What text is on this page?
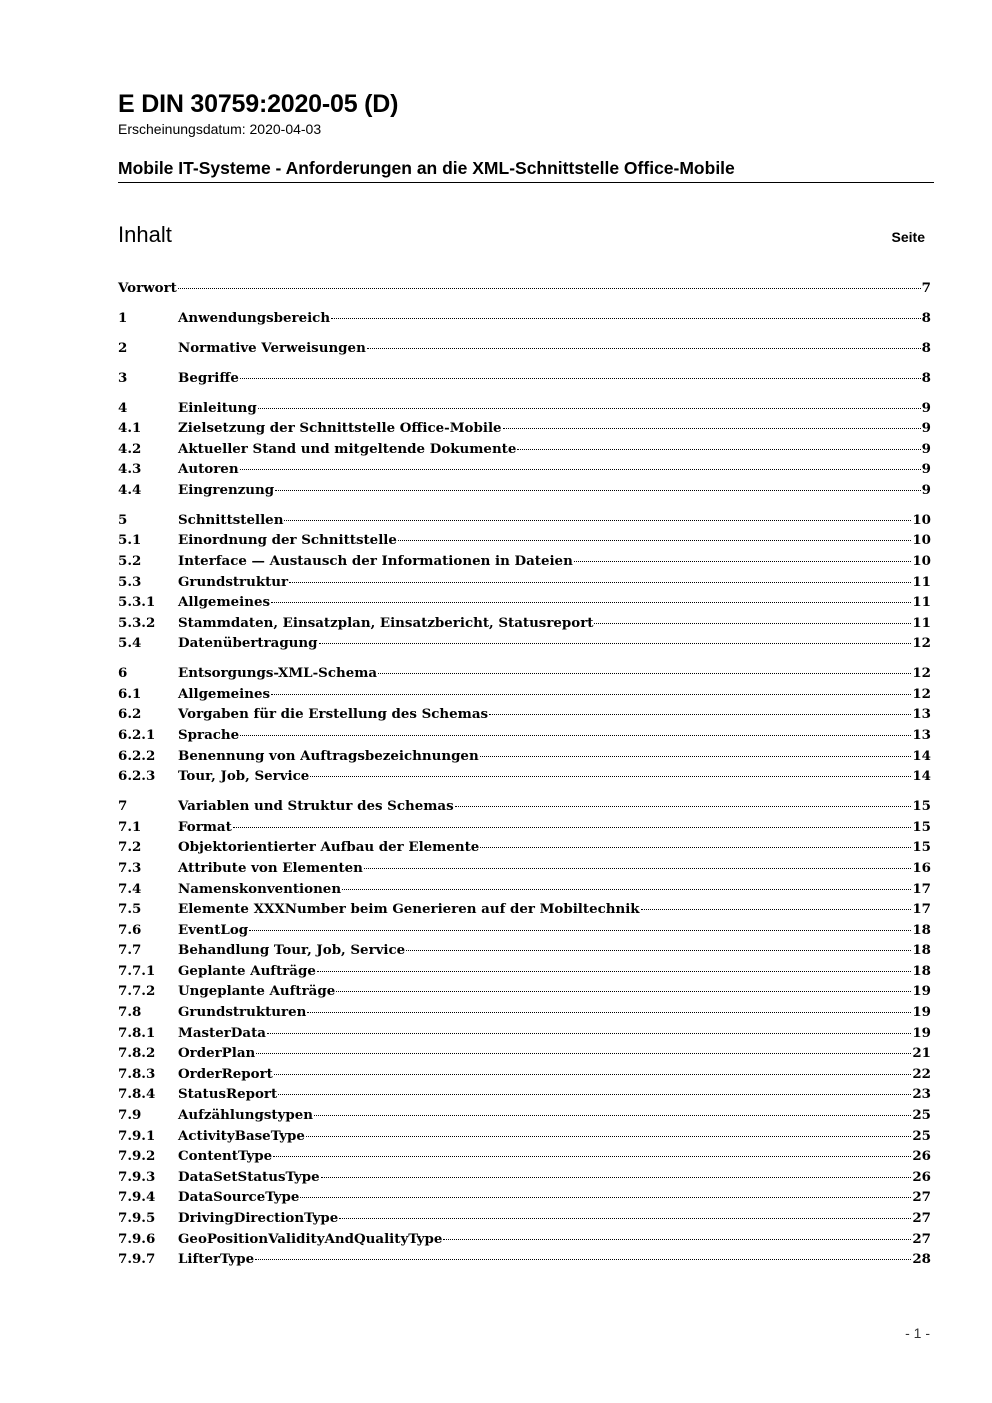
E DIN 30759:2020-05 (D)
Erscheinungsdatum: 2020-04-03
Mobile IT-Systeme - Anforderungen an die XML-Schnittstelle Office-Mobile
Inhalt	Seite
Vorwort	7
1	Anwendungsbereich	8
2	Normative Verweisungen	8
3	Begriffe	8
4	Einleitung	9
4.1	Zielsetzung der Schnittstelle Office-Mobile	9
4.2	Aktueller Stand und mitgeltende Dokumente	9
4.3	Autoren	9
4.4	Eingrenzung	9
5	Schnittstellen	10
5.1	Einordnung der Schnittstelle	10
5.2	Interface — Austausch der Informationen in Dateien	10
5.3	Grundstruktur	11
5.3.1	Allgemeines	11
5.3.2	Stammdaten, Einsatzplan, Einsatzbericht, Statusreport	11
5.4	Datenübertragung	12
6	Entsorgungs-XML-Schema	12
6.1	Allgemeines	12
6.2	Vorgaben für die Erstellung des Schemas	13
6.2.1	Sprache	13
6.2.2	Benennung von Auftragsbezeichnungen	14
6.2.3	Tour, Job, Service	14
7	Variablen und Struktur des Schemas	15
7.1	Format	15
7.2	Objektorientierter Aufbau der Elemente	15
7.3	Attribute von Elementen	16
7.4	Namenskonventionen	17
7.5	Elemente XXXNumber beim Generieren auf der Mobiltechnik	17
7.6	EventLog	18
7.7	Behandlung Tour, Job, Service	18
7.7.1	Geplante Aufträge	18
7.7.2	Ungeplante Aufträge	19
7.8	Grundstrukturen	19
7.8.1	MasterData	19
7.8.2	OrderPlan	21
7.8.3	OrderReport	22
7.8.4	StatusReport	23
7.9	Aufzählungstypen	25
7.9.1	ActivityBaseType	25
7.9.2	ContentType	26
7.9.3	DataSetStatusType	26
7.9.4	DataSourceType	27
7.9.5	DrivingDirectionType	27
7.9.6	GeoPositionValidityAndQualityType	27
7.9.7	LifterType	28
- 1 -
